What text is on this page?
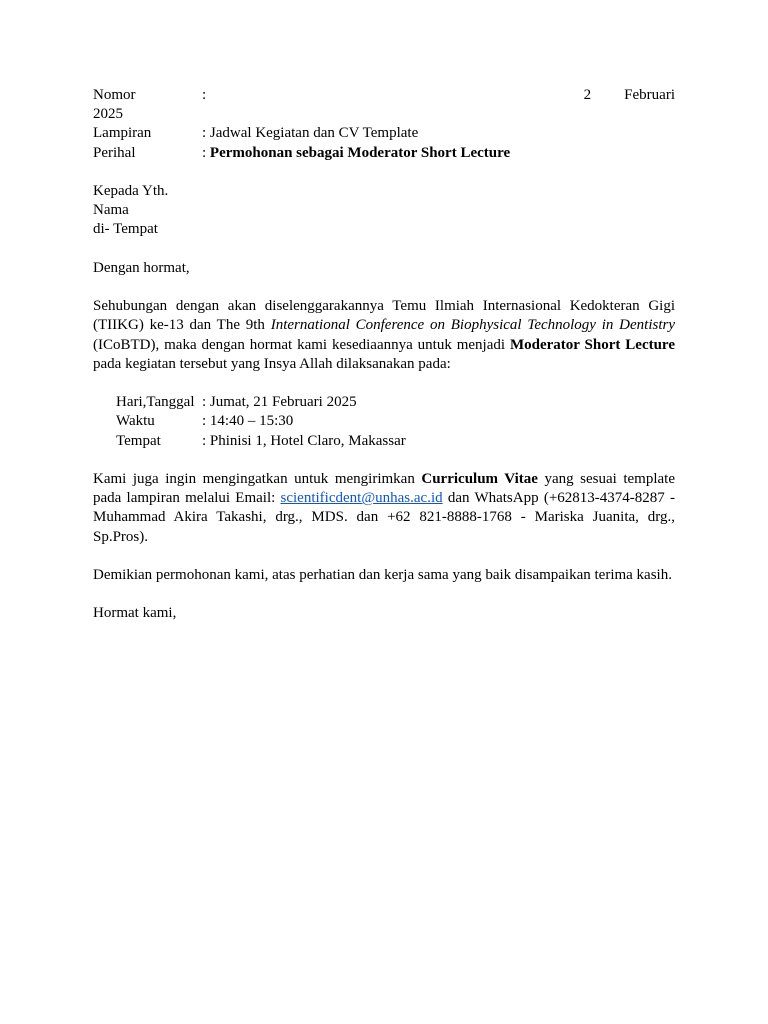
Nomor	:	2 Februari
2025
Lampiran	: Jadwal Kegiatan dan CV Template
Perihal	: Permohonan sebagai Moderator Short Lecture
Kepada Yth.
Nama
di- Tempat

Dengan hormat,

Sehubungan dengan akan diselenggarakannya Temu Ilmiah Internasional Kedokteran Gigi (TIIKG) ke-13 dan The 9th International Conference on Biophysical Technology in Dentistry (ICoBTD), maka dengan hormat kami kesediaannya untuk menjadi Moderator Short Lecture pada kegiatan tersebut yang Insya Allah dilaksanakan pada:

Hari,Tanggal : Jumat, 21 Februari 2025
Waktu	: 14:40 – 15:30
Tempat	: Phinisi 1, Hotel Claro, Makassar

Kami juga ingin mengingatkan untuk mengirimkan Curriculum Vitae yang sesuai template pada lampiran melalui Email: scientificdent@unhas.ac.id dan WhatsApp (+62813-4374-8287 - Muhammad Akira Takashi, drg., MDS. dan +62 821-8888-1768 - Mariska Juanita, drg., Sp.Pros).

Demikian permohonan kami, atas perhatian dan kerja sama yang baik disampaikan terima kasih.

Hormat kami,
